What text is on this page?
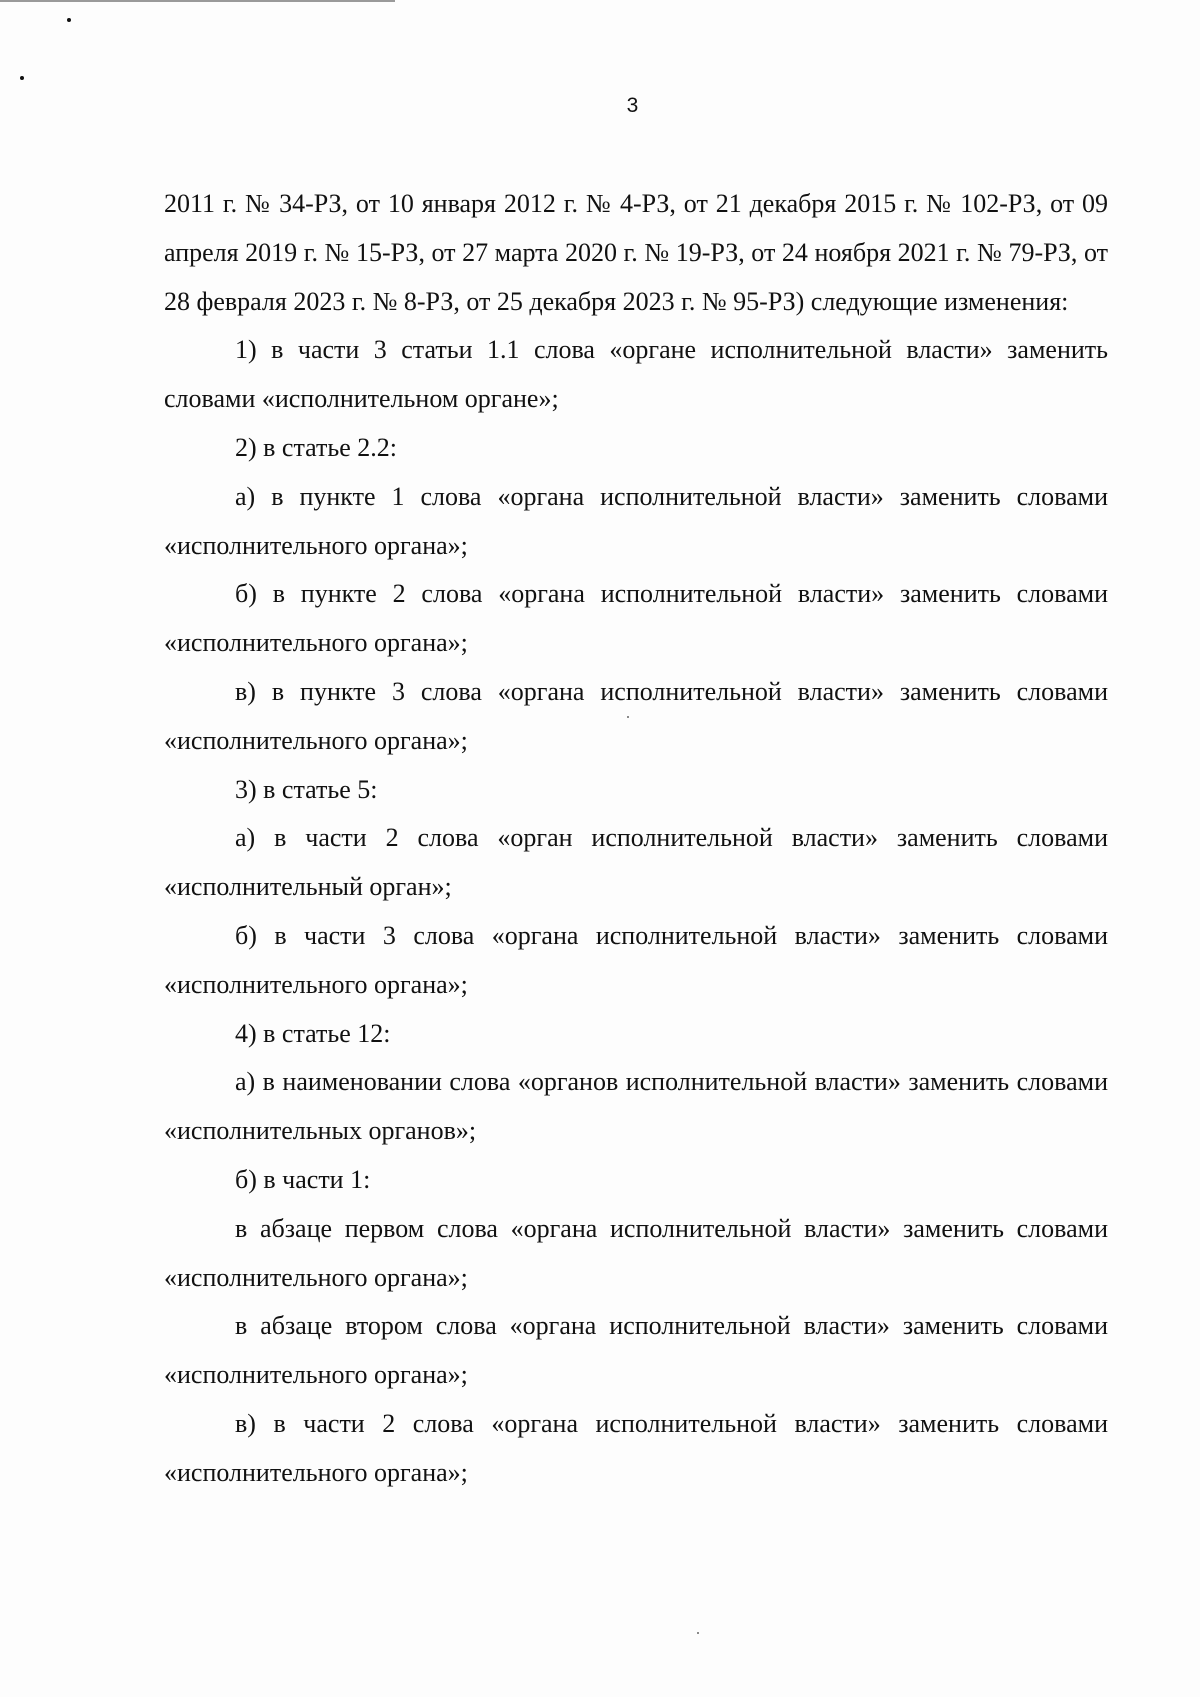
3

2011 г. № 34-РЗ, от 10 января 2012 г. № 4-РЗ, от 21 декабря 2015 г. № 102-РЗ, от 09 апреля 2019 г. № 15-РЗ, от 27 марта 2020 г. № 19-РЗ, от 24 ноября 2021 г. № 79-РЗ, от 28 февраля 2023 г. № 8-РЗ, от 25 декабря 2023 г. № 95-РЗ) следующие изменения:

1) в части 3 статьи 1.1 слова «органе исполнительной власти» заменить словами «исполнительном органе»;

2) в статье 2.2:

а) в пункте 1 слова «органа исполнительной власти» заменить словами «исполнительного органа»;

б) в пункте 2 слова «органа исполнительной власти» заменить словами «исполнительного органа»;

в) в пункте 3 слова «органа исполнительной власти» заменить словами «исполнительного органа»;

3) в статье 5:

а) в части 2 слова «орган исполнительной власти» заменить словами «исполнительный орган»;

б) в части 3 слова «органа исполнительной власти» заменить словами «исполнительного органа»;

4) в статье 12:

а) в наименовании слова «органов исполнительной власти» заменить словами «исполнительных органов»;

б) в части 1:

в абзаце первом слова «органа исполнительной власти» заменить словами «исполнительного органа»;

в абзаце втором слова «органа исполнительной власти» заменить словами «исполнительного органа»;

в) в части 2 слова «органа исполнительной власти» заменить словами «исполнительного органа»;
